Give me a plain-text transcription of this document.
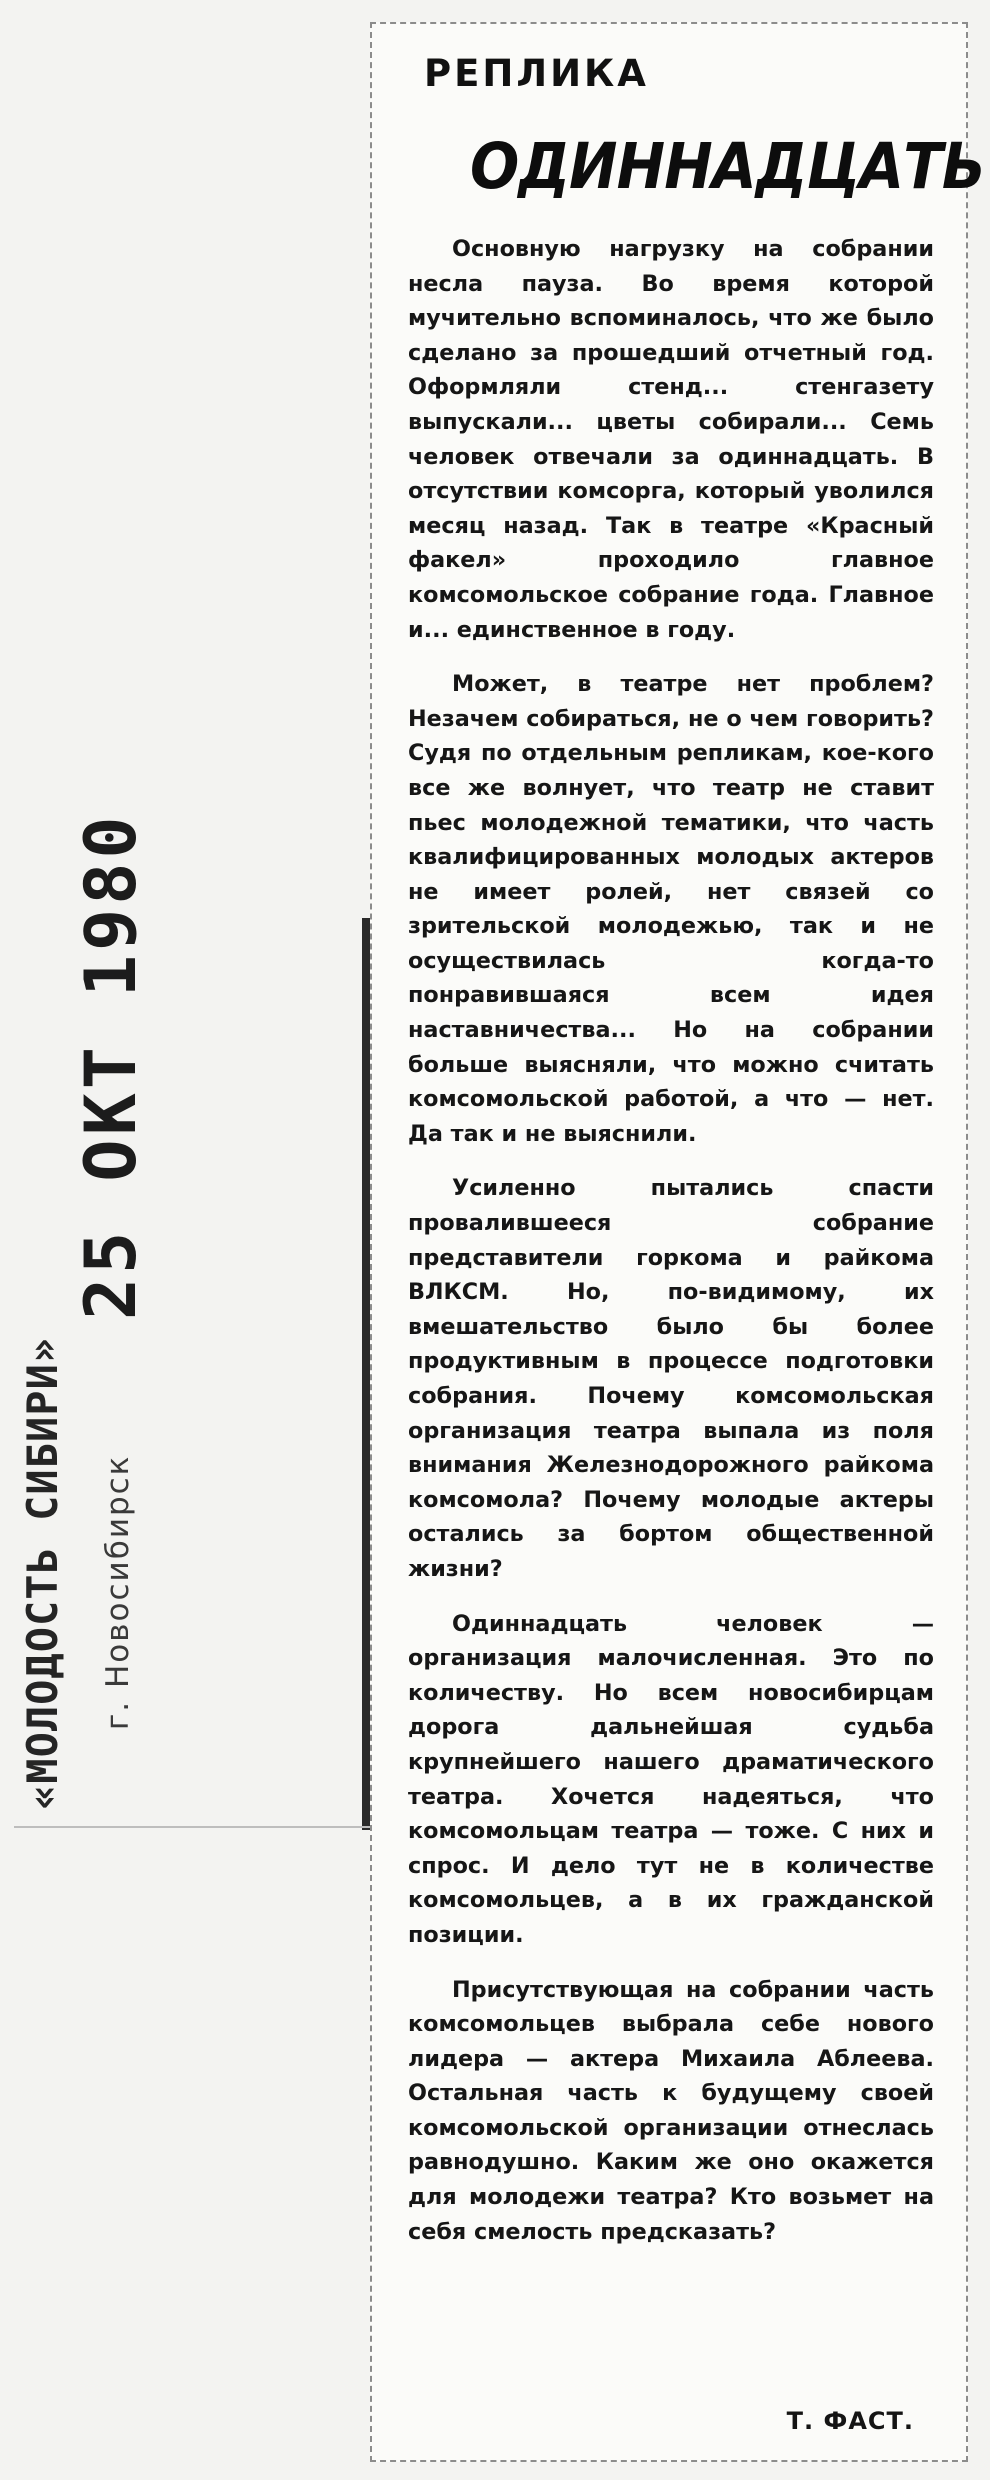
РЕПЛИКА
ОДИННАДЦАТЬ

Основную нагрузку на собрании несла пауза. Во время которой мучительно вспоминалось, что же было сделано за прошедший отчетный год. Оформляли стенд... стенгазету выпускали... цветы собирали... Семь человек отвечали за одиннадцать. В отсутствии комсорга, который уволился месяц назад. Так в театре «Красный факел» проходило главное комсомольское собрание года. Главное и... единственное в году.

Может, в театре нет проблем? Незачем собираться, не о чем говорить? Судя по отдельным репликам, кое-кого все же волнует, что театр не ставит пьес молодежной тематики, что часть квалифицированных молодых актеров не имеет ролей, нет связей со зрительской молодежью, так и не осуществилась когда-то понравившаяся всем идея наставничества... Но на собрании больше выясняли, что можно считать комсомольской работой, а что — нет. Да так и не выяснили.

Усиленно пытались спасти провалившееся собрание представители горкома и райкома ВЛКСМ. Но, по-видимому, их вмешательство было бы более продуктивным в процессе подготовки собрания. Почему комсомольская организация театра выпала из поля внимания Железнодорожного райкома комсомола? Почему молодые актеры остались за бортом общественной жизни?

Одиннадцать человек — организация малочисленная. Это по количеству. Но всем новосибирцам дорога дальнейшая судьба крупнейшего нашего драматического театра. Хочется надеяться, что комсомольцам театра — тоже. С них и спрос. И дело тут не в количестве комсомольцев, а в их гражданской позиции.

Присутствующая на собрании часть комсомольцев выбрала себе нового лидера — актера Михаила Аблеева. Остальная часть к будущему своей комсомольской организации отнеслась равнодушно. Каким же оно окажется для молодежи театра? Кто возьмет на себя смелость предсказать?

Т. ФАСТ.

25 ОКТ 1980

«МОЛОДОСТЬ СИБИРИ» г. Новосибирск
